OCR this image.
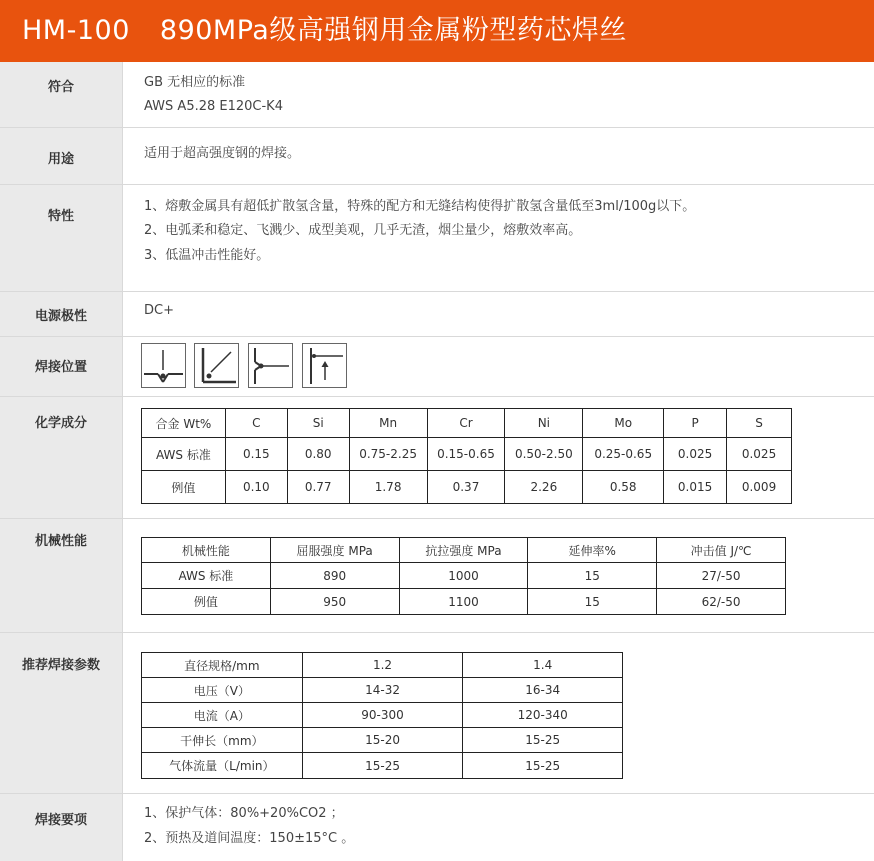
HM-100 890MPa级高强钢用金属粉型药芯焊丝
符合	GB 无相应的标准
AWS A5.28 E120C-K4
用途	适用于超高强度钢的焊接。
特性
1、熔敷金属具有超低扩散氢含量，特殊的配方和无缝结构使得扩散氢含量低至3ml/100g以下。
2、电弧柔和稳定、飞溅少、成型美观，几乎无渣，烟尘量少，熔敷效率高。
3、低温冲击性能好。
电源极性	DC+
焊接位置
化学成分	合金 Wt%	C	Si	Mn	Cr	Ni	Mo	P	S
AWS 标准	0.15	0.80	0.75-2.25	0.15-0.65	0.50-2.50	0.25-0.65	0.025	0.025
例值	0.10	0.77	1.78	0.37	2.26	0.58	0.015	0.009
机械性能
机械性能	屈服强度 MPa	抗拉强度 MPa	延伸率%	冲击值 J/℃
AWS 标准	890	1000	15	27/-50
例值	950	1100	15	62/-50
推荐焊接参数	直径规格/mm	1.2	1.4
电压（V）	14-32	16-34
电流（A）	90-300	120-340
干伸长（mm）	15-20	15-25
气体流量（L/min）	15-25	15-25
焊接要项	1、保护气体：80%+20%CO2 ；
2、预热及道间温度：150±15°C 。
